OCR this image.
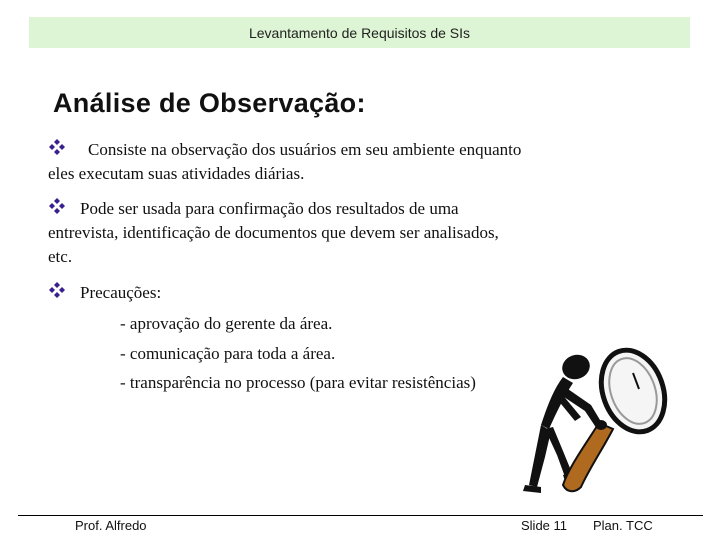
Levantamento de Requisitos de SIs
Análise de Observação:
Consiste na observação dos usuários em seu ambiente enquanto
eles executam suas atividades diárias.
Pode ser usada para confirmação dos resultados de uma
entrevista, identificação de documentos que devem ser analisados,
etc.
Precauções:
- aprovação do gerente da área.
- comunicação para toda a área.
- transparência no processo (para evitar resistências)
Prof. Alfredo	Slide 11 Plan. TCC
